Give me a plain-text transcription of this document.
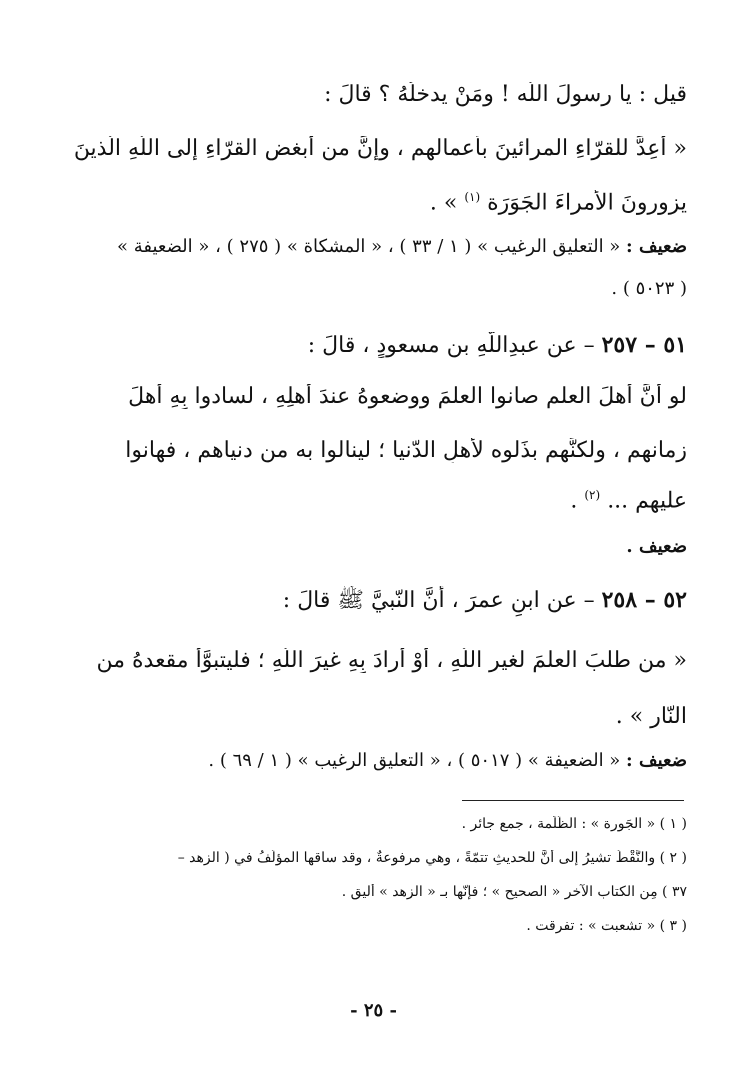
قيل : يا رسولَ اللَّه ! ومَنْ يدخلُهُ ؟ قالَ :
« أُعِدَّ للقرّاءِ المرائينَ بأعمالهم ، وإنَّ من أبغضِ القرّاءِ إلى اللَّهِ الّذينَ
يزورونَ الأمراءَ الجَوَرَة $^{(١)}$ » .
ضعيف : « التعليق الرغيب » ( ١ / ٣٣ ) ، « المشكاة » ( ٢٧٥ ) ، « الضعيفة »
( ٥٠٢٣ ) .
٥١ – ٢٥٧ – عن عبدِاللَّهِ بنِ مسعودٍ ، قالَ :
لو أنَّ أهلَ العلمِ صانوا العلمَ ووضعوهُ عندَ أهلِهِ ، لسادوا بِهِ أهلَ
زمانهم ، ولكنَّهم بذَلوه لأَهلِ الدّنيا ؛ لينالوا به من دنياهم ، فهانوا
عليهم ... $^{(٢)}$ .
ضعيف .
٥٢ – ٢٥٨ – عن ابنِ عمرَ ، أنَّ النّبيَّ ﷺ قالَ :
« من طلبَ العلمَ لغيرِ اللَّهِ ، أوْ أرادَ بِهِ غيرَ اللَّهِ ؛ فليتبوَّأْ مقعدهُ من
النّارِ » .
ضعيف : « الضعيفة » ( ٥٠١٧ ) ، « التعليق الرغيب » ( ١ / ٦٩ ) .
( ١ ) « الجَورة » : الظَّلَمة ، جمع جائر .
( ٢ ) والنَّقْطُ تشيرُ إلى أنَّ للحديثِ تتمّةً ، وهي مرفوعةٌ ، وقد ساقها المؤلّفُ في ( الزهد –
٣٧ ) مِن الكتاب الآخر « الصحيح » ؛ فإنّها بـ « الزهد » أليق .
( ٣ ) « تشعبت » : تفرقت .
- ٢٥ -
